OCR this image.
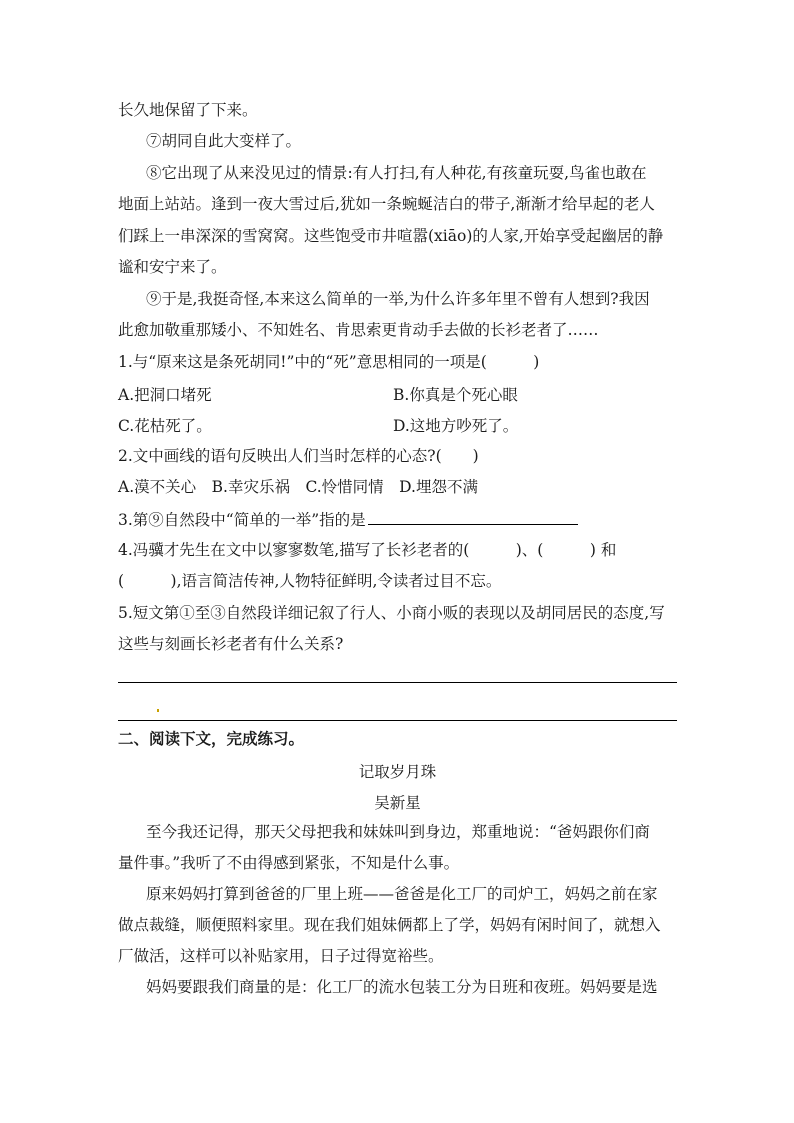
长久地保留了下来。
⑦胡同自此大变样了。
⑧它出现了从来没见过的情景:有人打扫,有人种花,有孩童玩耍,鸟雀也敢在
地面上站站。逢到一夜大雪过后,犹如一条蜿蜒洁白的带子,渐渐才给早起的老人
们踩上一串深深的雪窝窝。这些饱受市井喧嚣(xiāo)的人家,开始享受起幽居的静
谧和安宁来了。
⑨于是,我挺奇怪,本来这么简单的一举,为什么许多年里不曾有人想到?我因
此愈加敬重那矮小、不知姓名、肯思索更肯动手去做的长衫老者了……
1.与“原来这是条死胡同!”中的“死”意思相同的一项是(　　　)
A.把洞口堵死	B.你真是个死心眼
C.花枯死了。	D.这地方吵死了。
2.文中画线的语句反映出人们当时怎样的心态?(　　)
A.漠不关心　B.幸灾乐祸　C.怜惜同情　D.埋怨不满
3.第⑨自然段中“简单的一举”指的是
4.冯骥才先生在文中以寥寥数笔,描写了长衫老者的(　　　)、(　　　) 和
(　　　),语言简洁传神,人物特征鲜明,令读者过目不忘。
5.短文第①至③自然段详细记叙了行人、小商小贩的表现以及胡同居民的态度,写
这些与刻画长衫老者有什么关系?
二、阅读下文，完成练习。
记取岁月珠
吴新星
至今我还记得，那天父母把我和妹妹叫到身边，郑重地说：“爸妈跟你们商
量件事。”我听了不由得感到紧张，不知是什么事。
原来妈妈打算到爸爸的厂里上班——爸爸是化工厂的司炉工，妈妈之前在家
做点裁缝，顺便照料家里。现在我们姐妹俩都上了学，妈妈有闲时间了，就想入
厂做活，这样可以补贴家用，日子过得宽裕些。
妈妈要跟我们商量的是：化工厂的流水包装工分为日班和夜班。妈妈要是选
